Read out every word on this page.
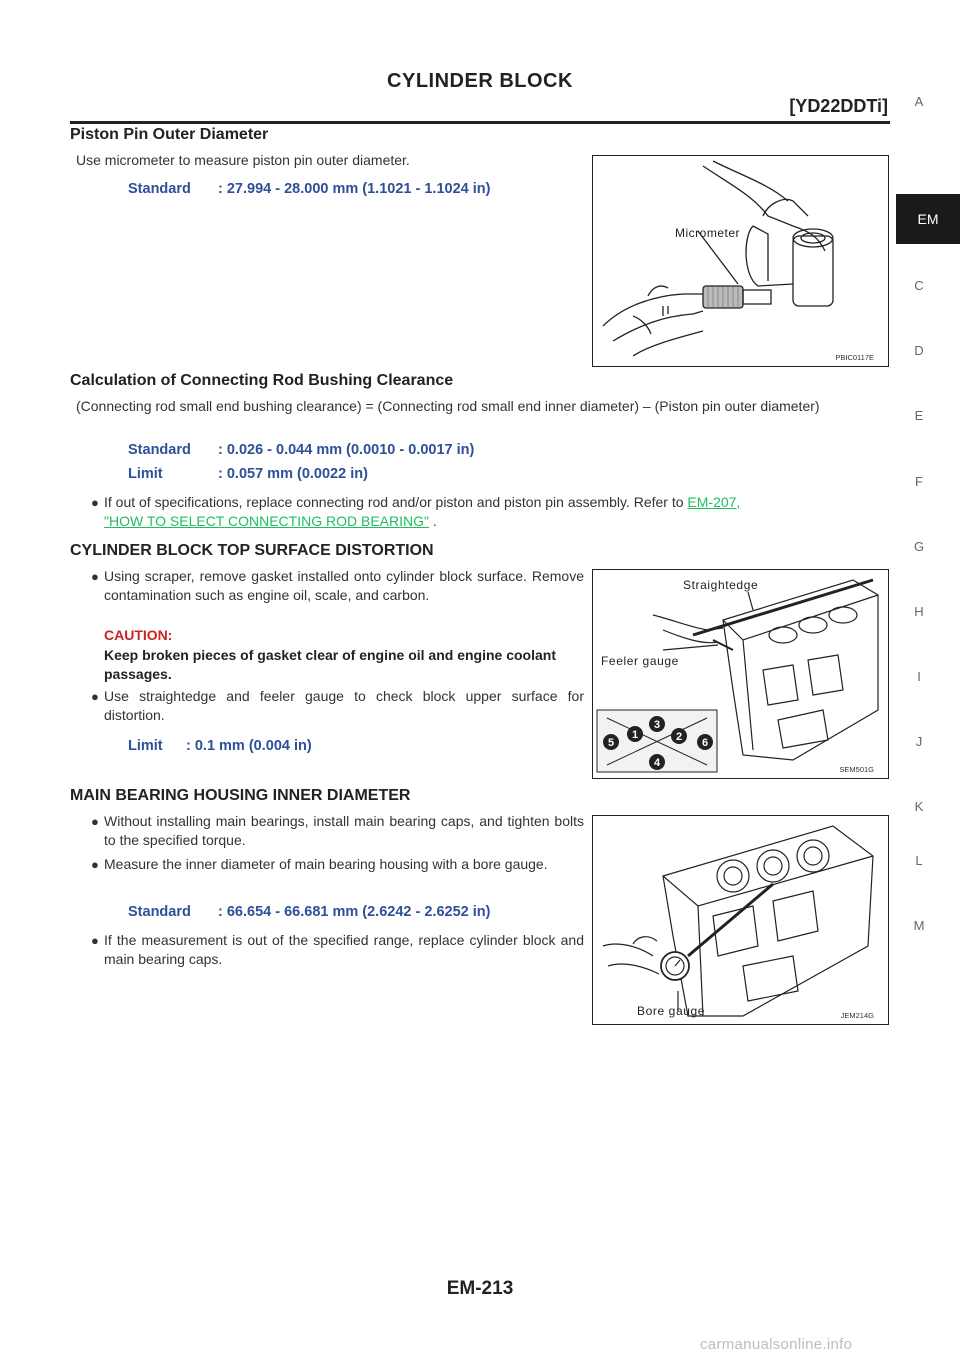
CYLINDER BLOCK
[YD22DDTi]	A
EM
C
D
E
F
G
H
I
J
K
L
M
Piston Pin Outer Diameter
Use micrometer to measure piston pin outer diameter.
Standard : 27.994 - 28.000 mm (1.1021 - 1.1024 in)
Micrometer
PBIC0117E
Calculation of Connecting Rod Bushing Clearance
(Connecting rod small end bushing clearance) = (Connecting rod small end inner diameter) – (Piston pin outer diameter)
Standard : 0.026 - 0.044 mm (0.0010 - 0.0017 in)
Limit	: 0.057 mm (0.0022 in)
● If out of specifications, replace connecting rod and/or piston and piston pin assembly. Refer to EM-207,
"HOW TO SELECT CONNECTING ROD BEARING" .
CYLINDER BLOCK TOP SURFACE DISTORTION
● Using scraper, remove gasket installed onto cylinder block surface. Remove contamination such as engine oil, scale, and carbon.
CAUTION:
Keep broken pieces of gasket clear of engine oil and engine coolant passages.
● Use straightedge and feeler gauge to check block upper surface for distortion.
Limit : 0.1 mm (0.004 in)
1	2
3
4
5	6
Straightedge
Feeler gauge
SEM501G
MAIN BEARING HOUSING INNER DIAMETER
● Without installing main bearings, install main bearing caps, and tighten bolts to the specified torque.
● Measure the inner diameter of main bearing housing with a bore gauge.
Standard : 66.654 - 66.681 mm (2.6242 - 2.6252 in)
● If the measurement is out of the specified range, replace cylinder block and main bearing caps.
Bore gauge	JEM214G
EM-213
carmanualsonline.info
